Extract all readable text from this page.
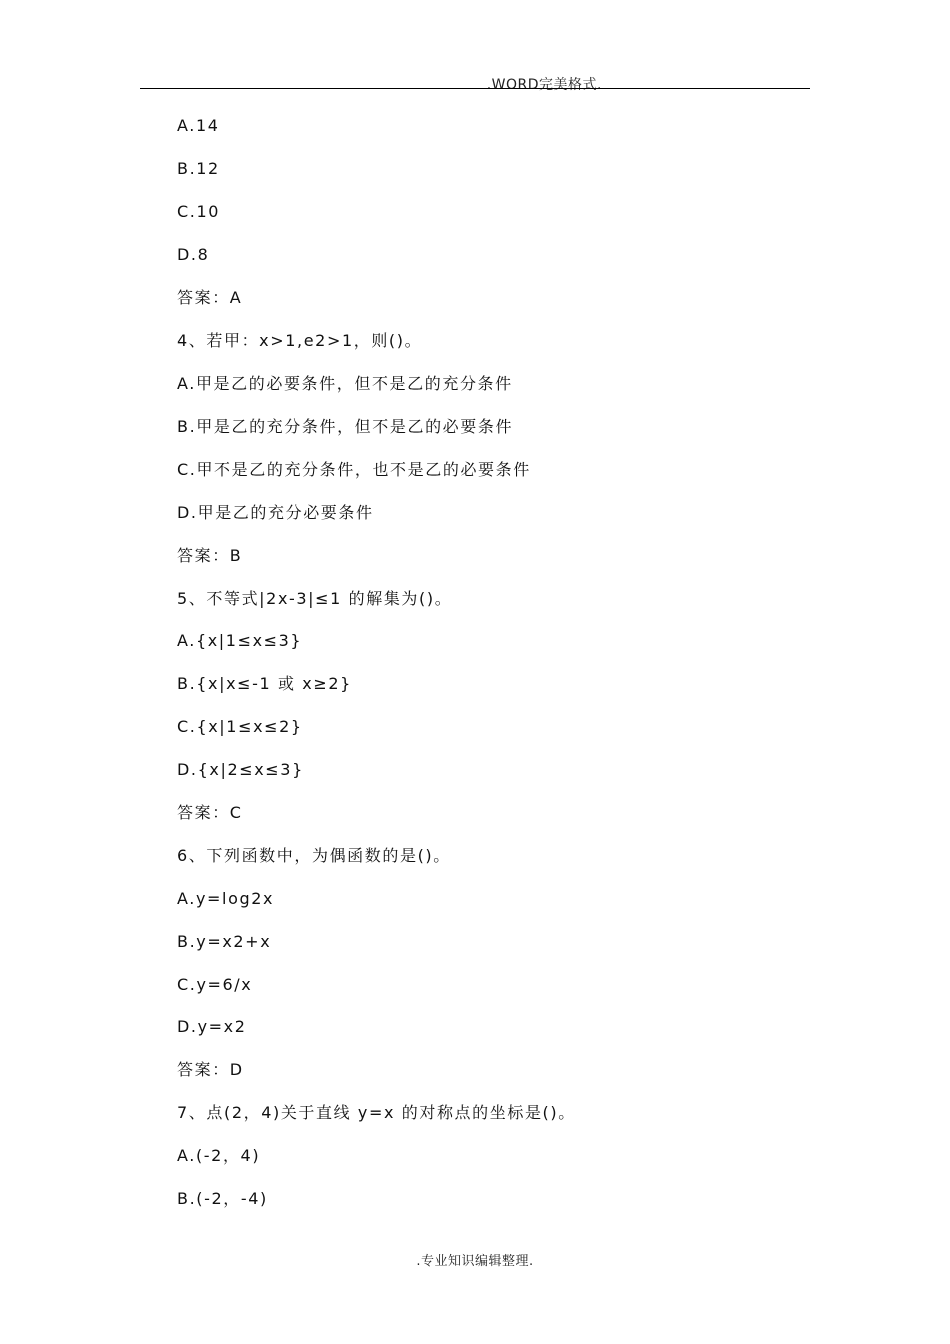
.WORD完美格式.
A.14
B.12
C.10
D.8
答案：A
4、若甲：x>1,e2>1，则()。
A.甲是乙的必要条件，但不是乙的充分条件
B.甲是乙的充分条件，但不是乙的必要条件
C.甲不是乙的充分条件，也不是乙的必要条件
D.甲是乙的充分必要条件
答案：B
5、不等式|2x-3|≤1 的解集为()。
A.{x|1≤x≤3}
B.{x|x≤-1 或 x≥2}
C.{x|1≤x≤2}
D.{x|2≤x≤3}
答案：C
6、下列函数中，为偶函数的是()。
A.y=log2x
B.y=x2+x
C.y=6/x
D.y=x2
答案：D
7、点(2，4)关于直线 y=x 的对称点的坐标是()。
A.(-2，4)
B.(-2，-4)
.专业知识编辑整理.
